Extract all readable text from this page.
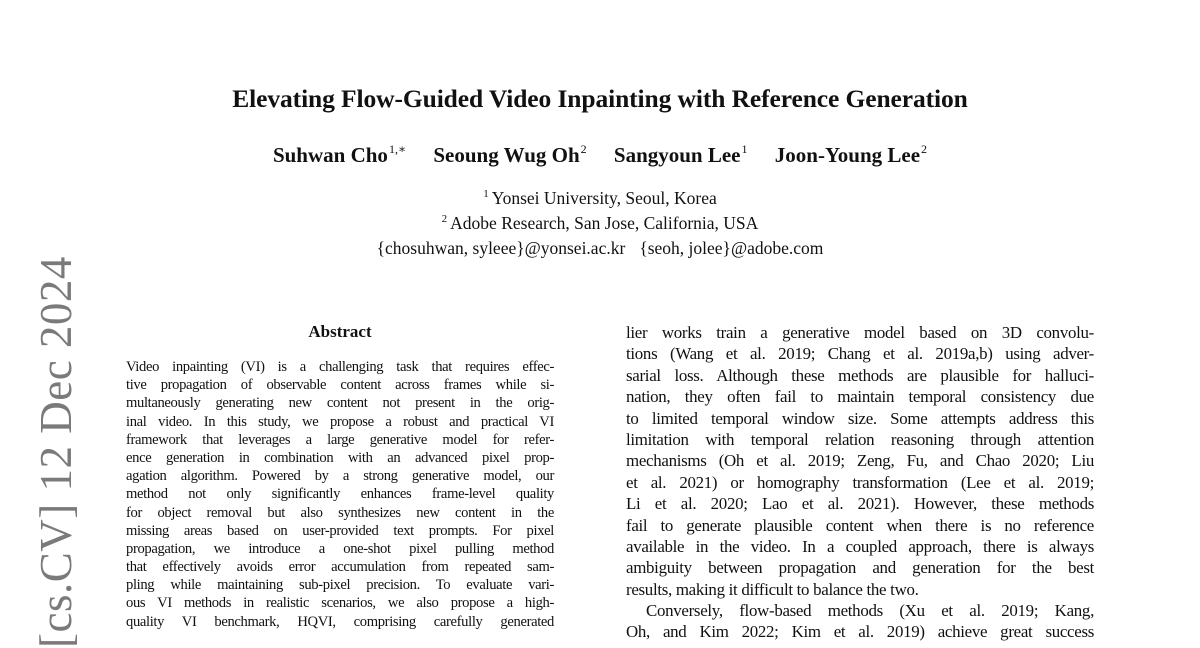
[cs.CV] 12 Dec 2024
Elevating Flow-Guided Video Inpainting with Reference Generation
Suhwan Cho$^{1,∗}$ Seoung Wug Oh$^2$ Sangyoun Lee$^1$ Joon-Young Lee$^2$
$^1$ Yonsei University, Seoul, Korea
$^2$ Adobe Research, San Jose, California, USA
{chosuhwan, syleee}@yonsei.ac.kr {seoh, jolee}@adobe.com
Abstract
Video inpainting (VI) is a challenging task that requires effec-
tive propagation of observable content across frames while si-
multaneously generating new content not present in the orig-
inal video. In this study, we propose a robust and practical VI
framework that leverages a large generative model for refer-
ence generation in combination with an advanced pixel prop-
agation algorithm. Powered by a strong generative model, our
method not only significantly enhances frame-level quality
for object removal but also synthesizes new content in the
missing areas based on user-provided text prompts. For pixel
propagation, we introduce a one-shot pixel pulling method
that effectively avoids error accumulation from repeated sam-
pling while maintaining sub-pixel precision. To evaluate vari-
ous VI methods in realistic scenarios, we also propose a high-
quality VI benchmark, HQVI, comprising carefully generated
lier works train a generative model based on 3D convolu-
tions (Wang et al. 2019; Chang et al. 2019a,b) using adver-
sarial loss. Although these methods are plausible for halluci-
nation, they often fail to maintain temporal consistency due
to limited temporal window size. Some attempts address this
limitation with temporal relation reasoning through attention
mechanisms (Oh et al. 2019; Zeng, Fu, and Chao 2020; Liu
et al. 2021) or homography transformation (Lee et al. 2019;
Li et al. 2020; Lao et al. 2021). However, these methods
fail to generate plausible content when there is no reference
available in the video. In a coupled approach, there is always
ambiguity between propagation and generation for the best
results, making it difficult to balance the two.
Conversely, flow-based methods (Xu et al. 2019; Kang,
Oh, and Kim 2022; Kim et al. 2019) achieve great success
